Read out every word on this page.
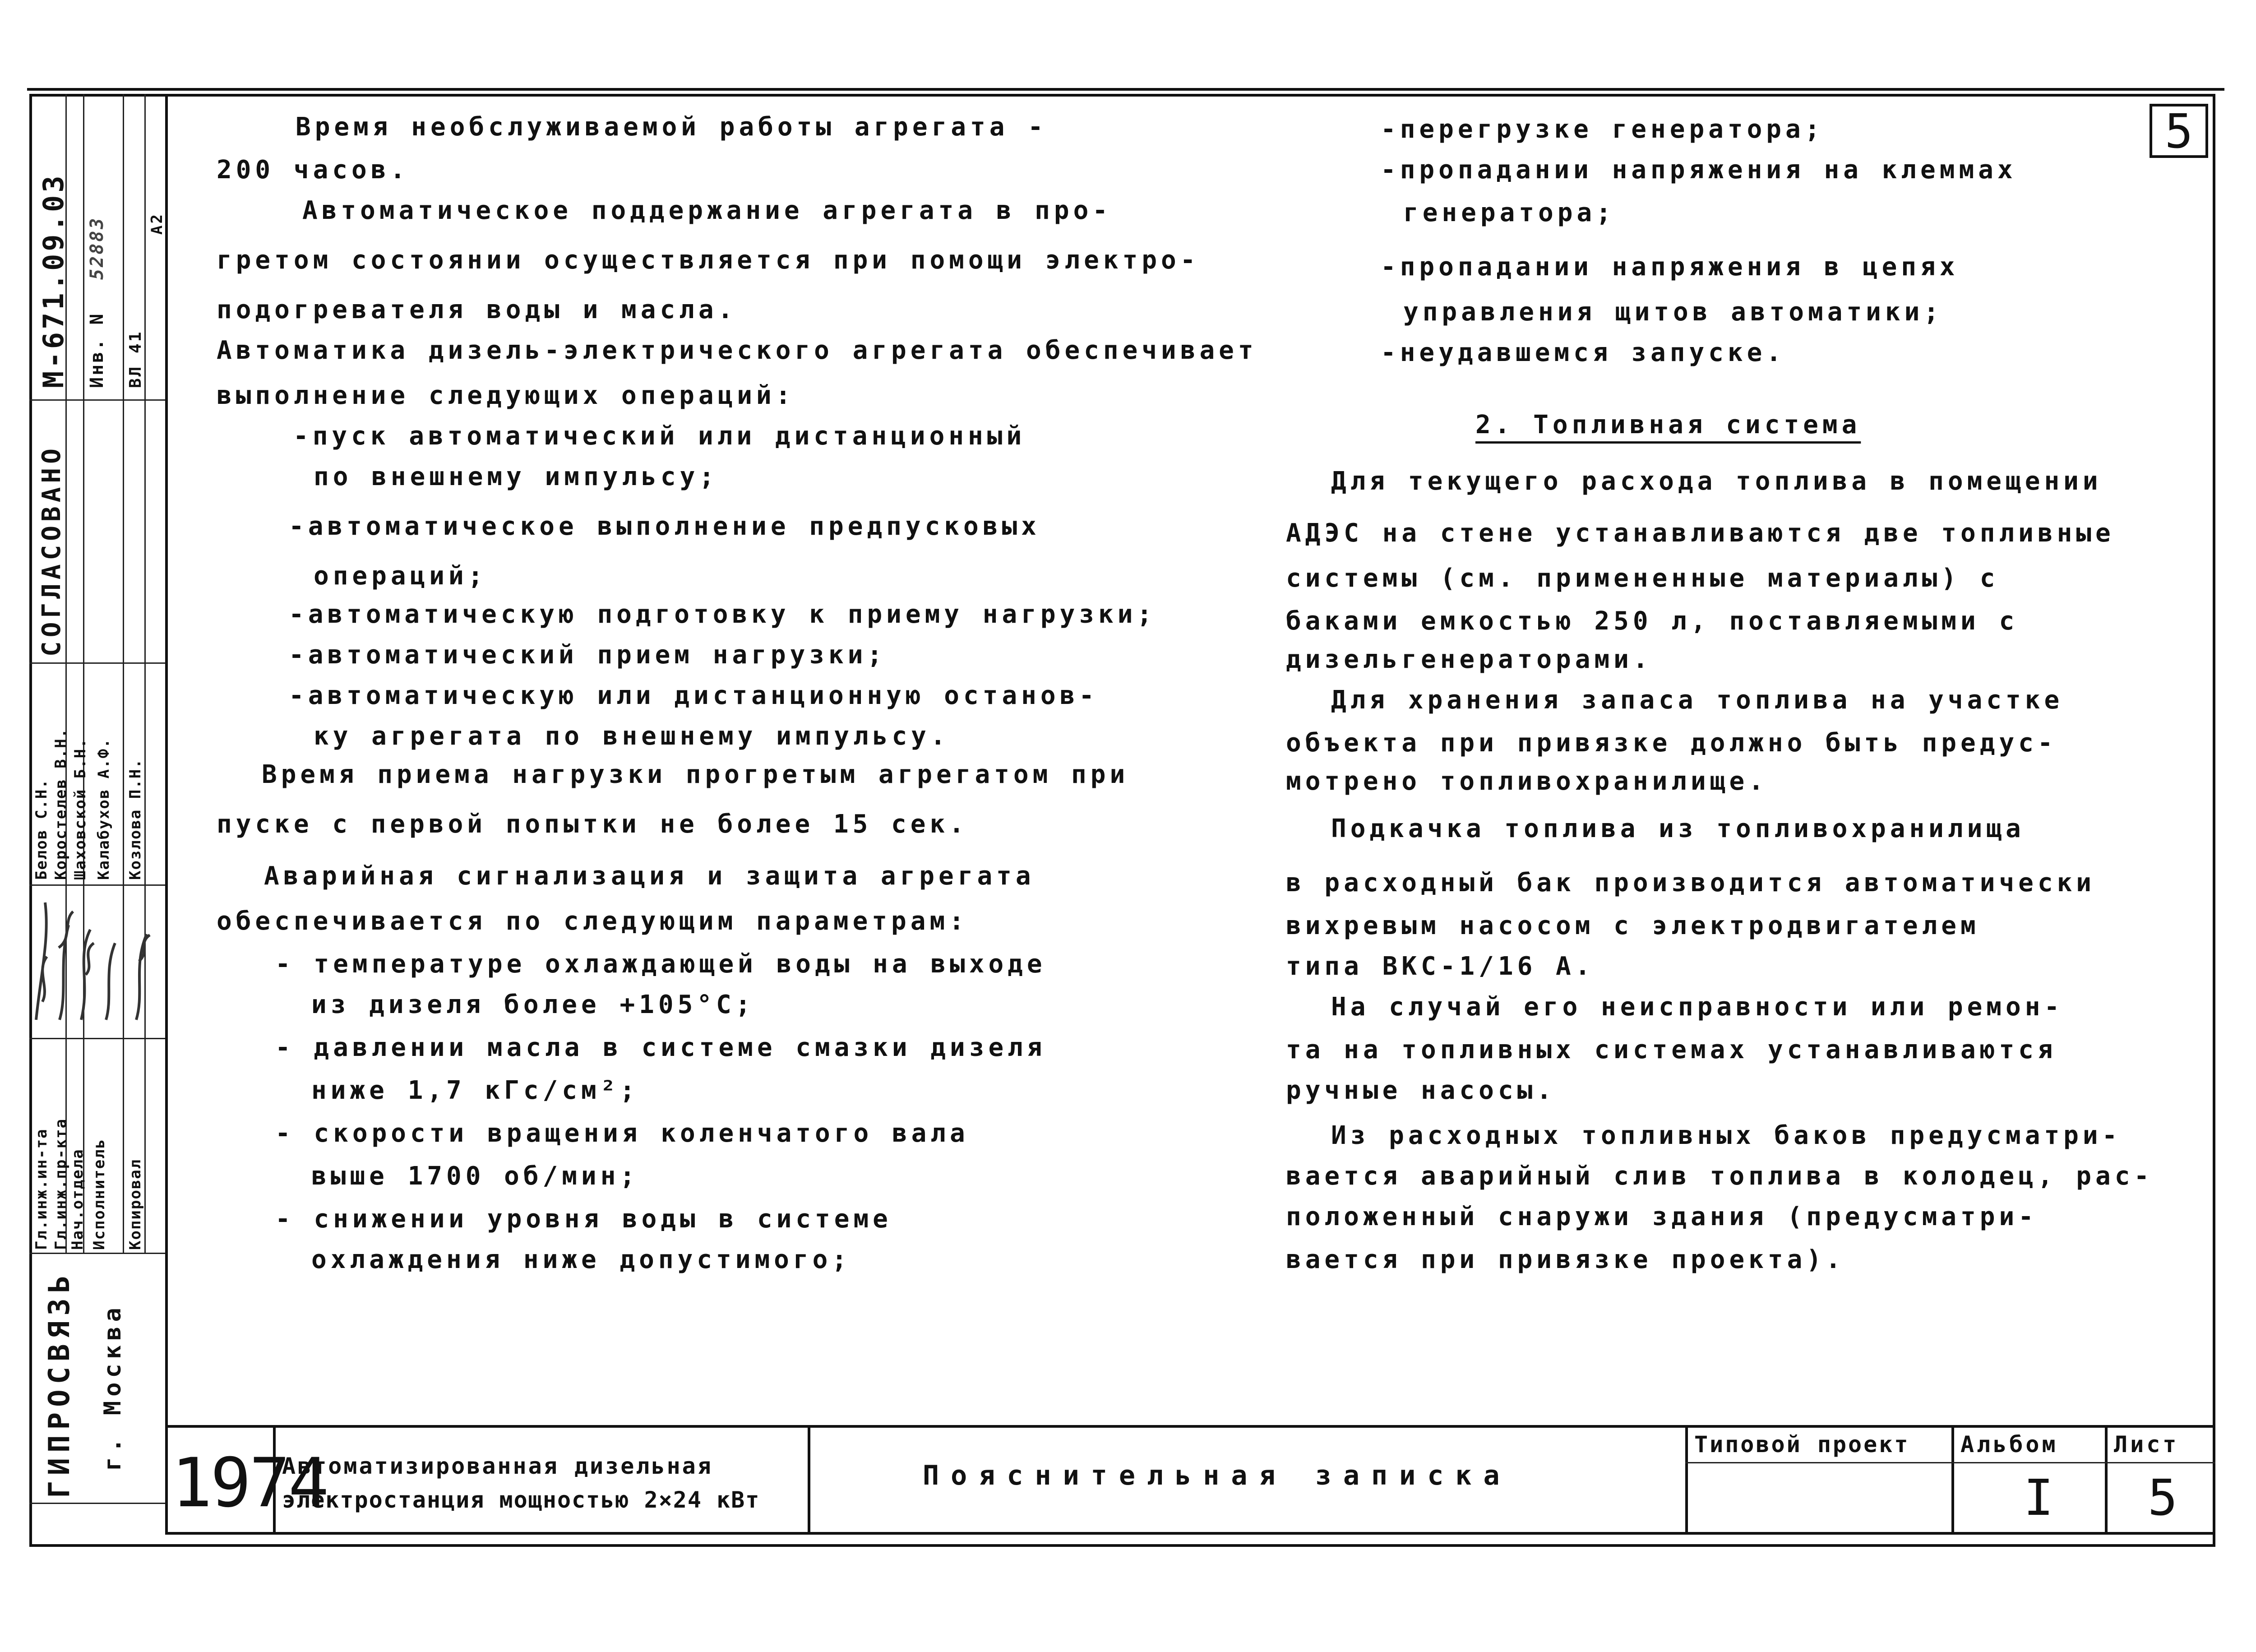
М-671.09.03 Инв. N
52883
ВЛ 41
А2
СОГЛАСОВАНО
Гл.инж.ин-та Гл.инж.пр-кта
Нач.отдела Исполнитель Копировал
Белов С.Н. Коростелев В.Н. Шаховской Б.Н. Калабухов А.Ф. Козлова П.Н.
ГИПРОСВЯЗЬ г. Москва
5
Время необслуживаемой работы агрегата -
200 часов.
Автоматическое поддержание агрегата в про-
гретом состоянии осуществляется при помощи электро-
подогревателя воды и масла.
Автоматика дизель-электрического агрегата обеспечивает
выполнение следующих операций:
-пуск автоматический или дистанционный
по внешнему импульсу;
-автоматическое выполнение предпусковых
операций;
-автоматическую подготовку к приему нагрузки;
-автоматический прием нагрузки;
-автоматическую или дистанционную останов-
ку агрегата по внешнему импульсу.
Время приема нагрузки прогретым агрегатом при
пуске с первой попытки не более 15 сек.
Аварийная сигнализация и защита агрегата
обеспечивается по следующим параметрам:
- температуре охлаждающей воды на выходе
из дизеля более +105°С;
- давлении масла в системе смазки дизеля
ниже 1,7 кГс/см²;
- скорости вращения коленчатого вала
выше 1700 об/мин;
- снижении уровня воды в системе
охлаждения ниже допустимого;
-перегрузке генератора;
-пропадании напряжения на клеммах
генератора;
-пропадании напряжения в цепях
управления щитов автоматики;
-неудавшемся запуске.
2. Топливная система
Для текущего расхода топлива в помещении
АДЭС на стене устанавливаются две топливные
системы (см. примененные материалы) с
баками емкостью 250 л, поставляемыми с
дизельгенераторами.
Для хранения запаса топлива на участке
объекта при привязке должно быть предус-
мотрено топливохранилище.
Подкачка топлива из топливохранилища
в расходный бак производится автоматически
вихревым насосом с электродвигателем
типа ВКС-1/16 А.
На случай его неисправности или ремон-
та на топливных системах устанавливаются
ручные насосы.
Из расходных топливных баков предусматри-
вается аварийный слив топлива в колодец, рас-
положенный снаружи здания (предусматри-
вается при привязке проекта).
1974
Автоматизированная дизельная
электростанция мощностью 2×24 кВт
Пояснительная записка
Типовой проект Альбом
I
Лист
5
